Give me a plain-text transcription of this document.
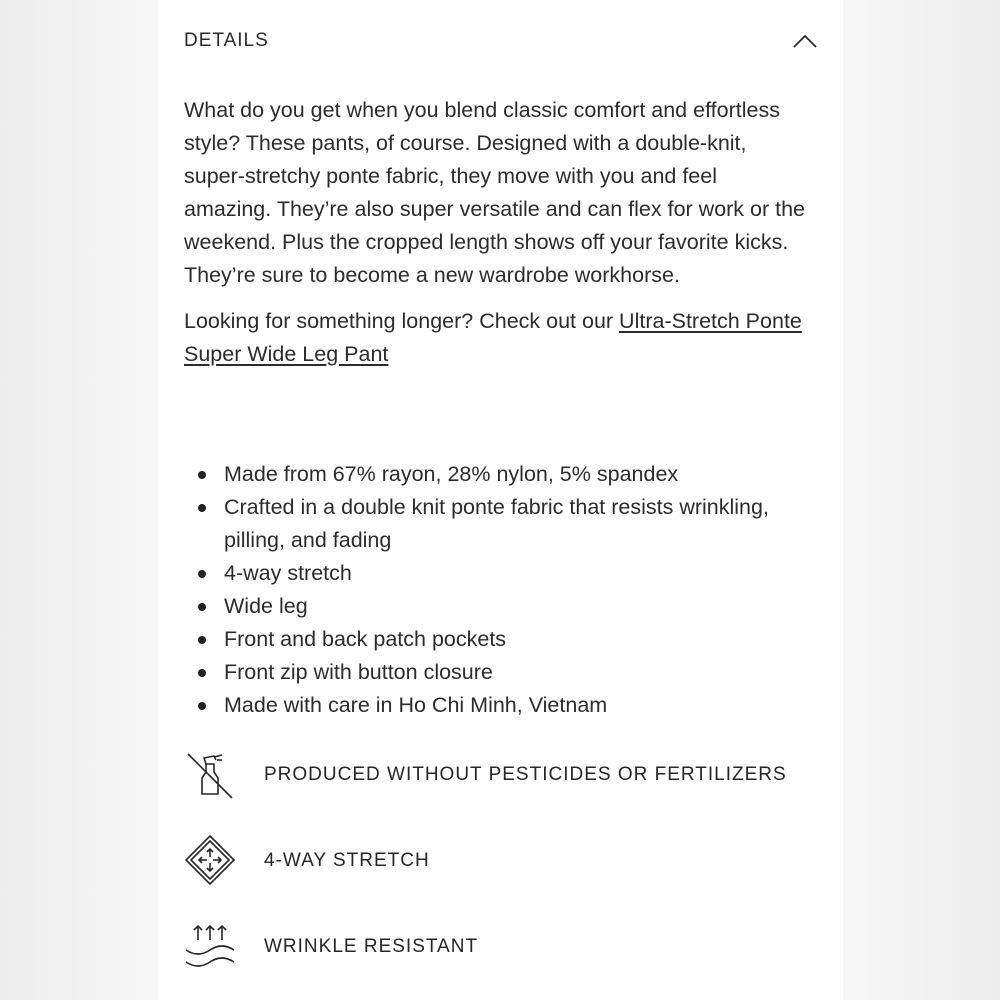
DETAILS

What do you get when you blend classic comfort and effortless style? These pants, of course. Designed with a double-knit, super-stretchy ponte fabric, they move with you and feel amazing. They’re also super versatile and can flex for work or the weekend. Plus the cropped length shows off your favorite kicks. They’re sure to become a new wardrobe workhorse.

Looking for something longer? Check out our Ultra-Stretch Ponte Super Wide Leg Pant

Made from 67% rayon, 28% nylon, 5% spandex
Crafted in a double knit ponte fabric that resists wrinkling, pilling, and fading
4-way stretch
Wide leg
Front and back patch pockets
Front zip with button closure
Made with care in Ho Chi Minh, Vietnam
PRODUCED WITHOUT PESTICIDES OR FERTILIZERS
4-WAY STRETCH
WRINKLE RESISTANT
